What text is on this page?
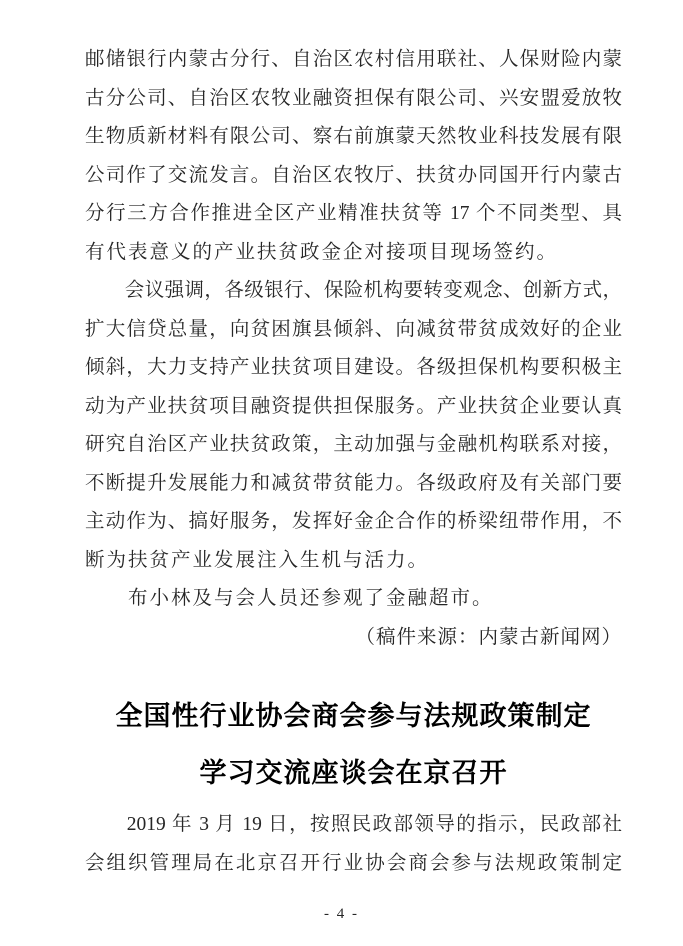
邮储银行内蒙古分行、自治区农村信用联社、人保财险内蒙
古分公司、自治区农牧业融资担保有限公司、兴安盟爱放牧
生物质新材料有限公司、察右前旗蒙天然牧业科技发展有限
公司作了交流发言。自治区农牧厅、扶贫办同国开行内蒙古
分行三方合作推进全区产业精准扶贫等 17 个不同类型、具
有代表意义的产业扶贫政金企对接项目现场签约。
　　会议强调，各级银行、保险机构要转变观念、创新方式，
扩大信贷总量，向贫困旗县倾斜、向减贫带贫成效好的企业
倾斜，大力支持产业扶贫项目建设。各级担保机构要积极主
动为产业扶贫项目融资提供担保服务。产业扶贫企业要认真
研究自治区产业扶贫政策，主动加强与金融机构联系对接，
不断提升发展能力和减贫带贫能力。各级政府及有关部门要
主动作为、搞好服务，发挥好金企合作的桥梁纽带作用，不
断为扶贫产业发展注入生机与活力。
　　布小林及与会人员还参观了金融超市。
（稿件来源：内蒙古新闻网）
全国性行业协会商会参与法规政策制定
学习交流座谈会在京召开
　　2019 年 3 月 19 日，按照民政部领导的指示，民政部社
会组织管理局在北京召开行业协会商会参与法规政策制定
- 4 -
